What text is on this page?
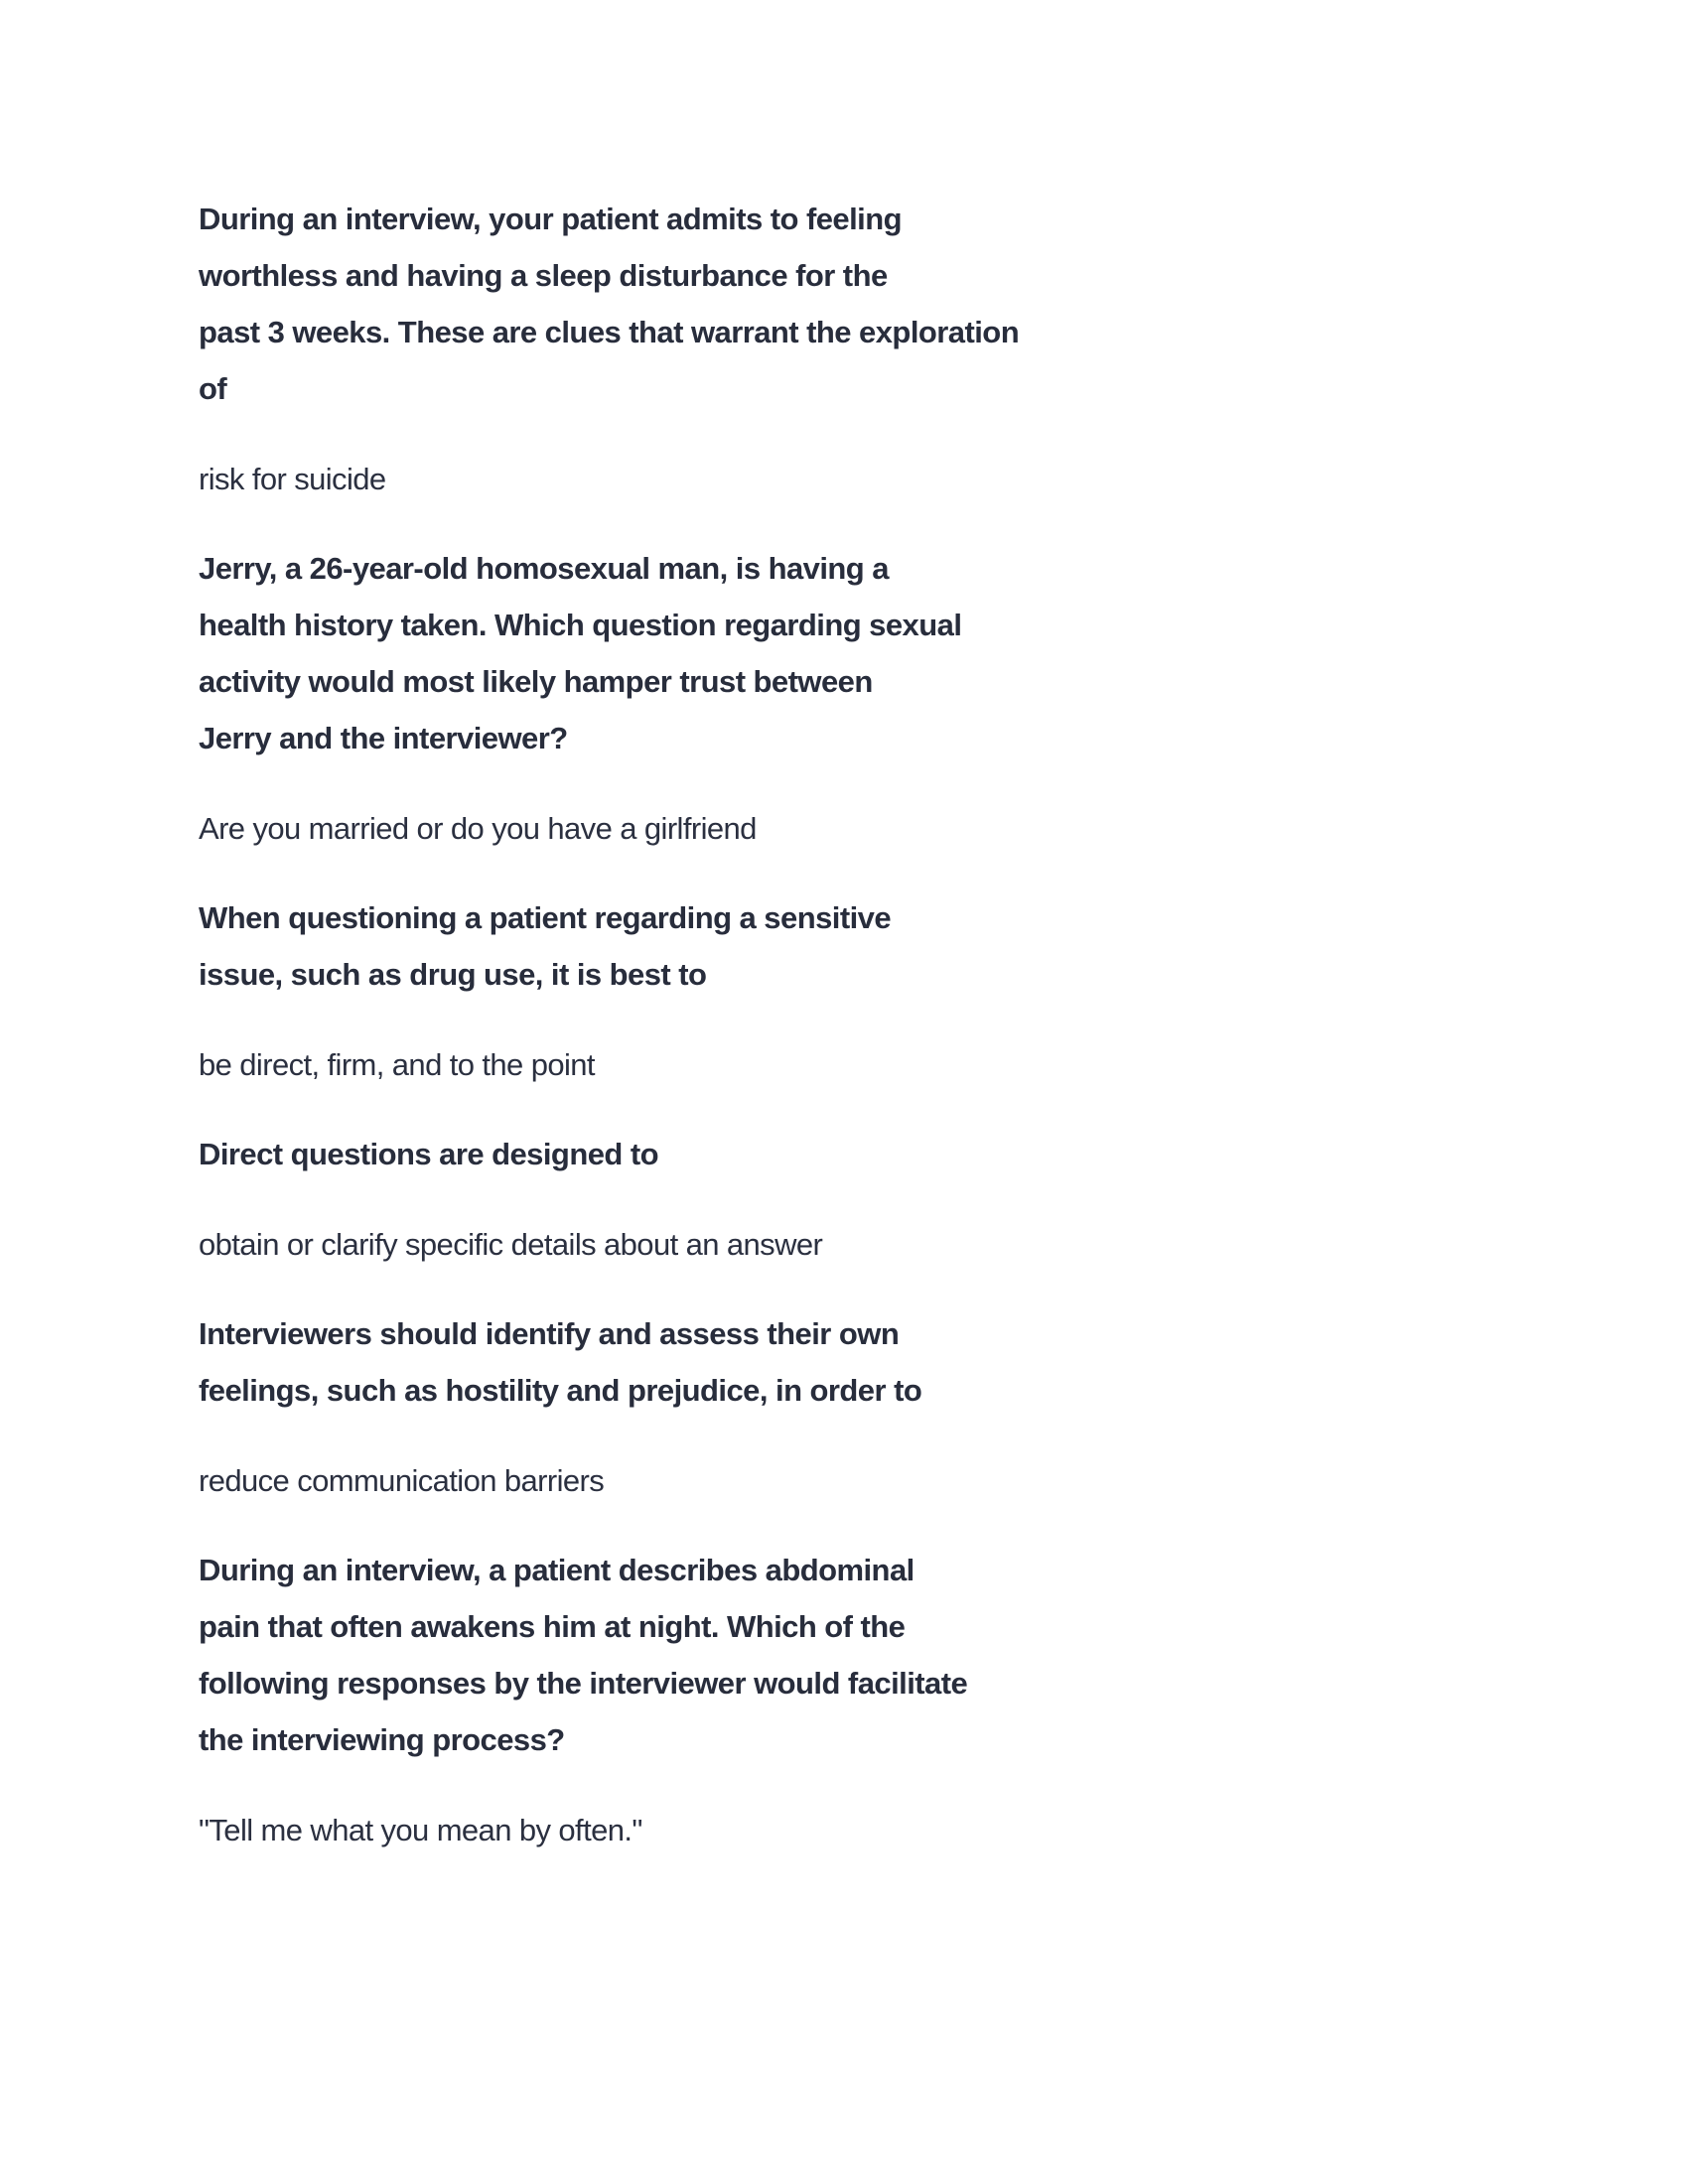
During an interview, your patient admits to feeling
worthless and having a sleep disturbance for the
past 3 weeks. These are clues that warrant the exploration
of

risk for suicide

Jerry, a 26-year-old homosexual man, is having a
health history taken. Which question regarding sexual
activity would most likely hamper trust between
Jerry and the interviewer?

Are you married or do you have a girlfriend

When questioning a patient regarding a sensitive
issue, such as drug use, it is best to

be direct, firm, and to the point

Direct questions are designed to

obtain or clarify specific details about an answer

Interviewers should identify and assess their own
feelings, such as hostility and prejudice, in order to

reduce communication barriers

During an interview, a patient describes abdominal
pain that often awakens him at night. Which of the
following responses by the interviewer would facilitate
the interviewing process?

"Tell me what you mean by often."
